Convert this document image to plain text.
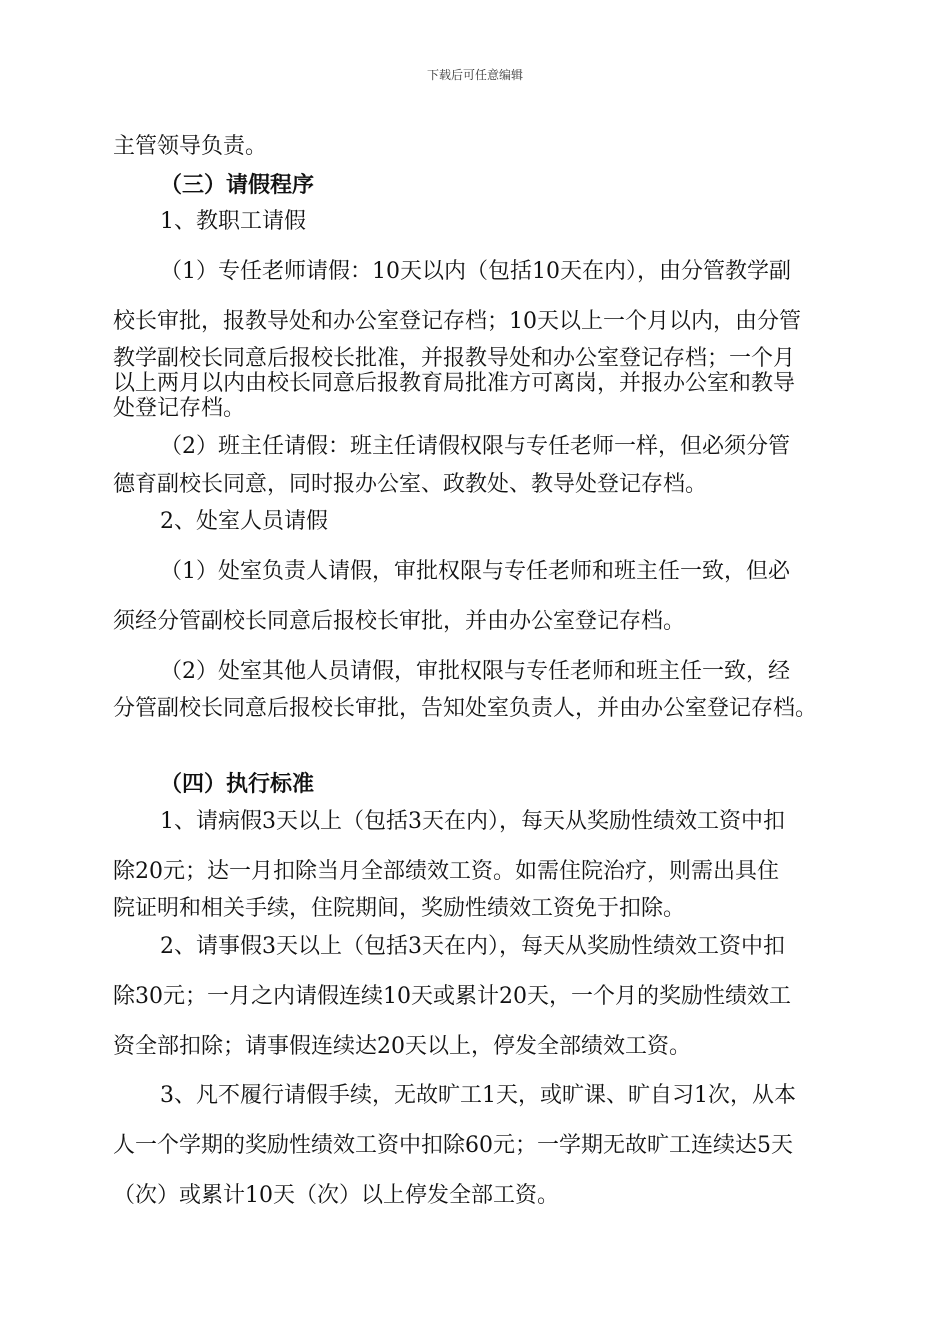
下载后可任意编辑
主管领导负责。
（三）请假程序
1、教职工请假
（1）专任老师请假：10天以内（包括10天在内），由分管教学副
校长审批，报教导处和办公室登记存档；10天以上一个月以内，由分管
教学副校长同意后报校长批准，并报教导处和办公室登记存档；一个月
以上两月以内由校长同意后报教育局批准方可离岗，并报办公室和教导
处登记存档。
（2）班主任请假：班主任请假权限与专任老师一样，但必须分管
德育副校长同意，同时报办公室、政教处、教导处登记存档。
2、处室人员请假
（1）处室负责人请假，审批权限与专任老师和班主任一致，但必
须经分管副校长同意后报校长审批，并由办公室登记存档。
（2）处室其他人员请假，审批权限与专任老师和班主任一致，经
分管副校长同意后报校长审批，告知处室负责人，并由办公室登记存档。
（四）执行标准
1、请病假3天以上（包括3天在内），每天从奖励性绩效工资中扣
除20元；达一月扣除当月全部绩效工资。如需住院治疗，则需出具住
院证明和相关手续，住院期间，奖励性绩效工资免于扣除。
2、请事假3天以上（包括3天在内），每天从奖励性绩效工资中扣
除30元；一月之内请假连续10天或累计20天，一个月的奖励性绩效工
资全部扣除；请事假连续达20天以上，停发全部绩效工资。
3、凡不履行请假手续，无故旷工1天，或旷课、旷自习1次，从本
人一个学期的奖励性绩效工资中扣除60元；一学期无故旷工连续达5天
（次）或累计10天（次）以上停发全部工资。
